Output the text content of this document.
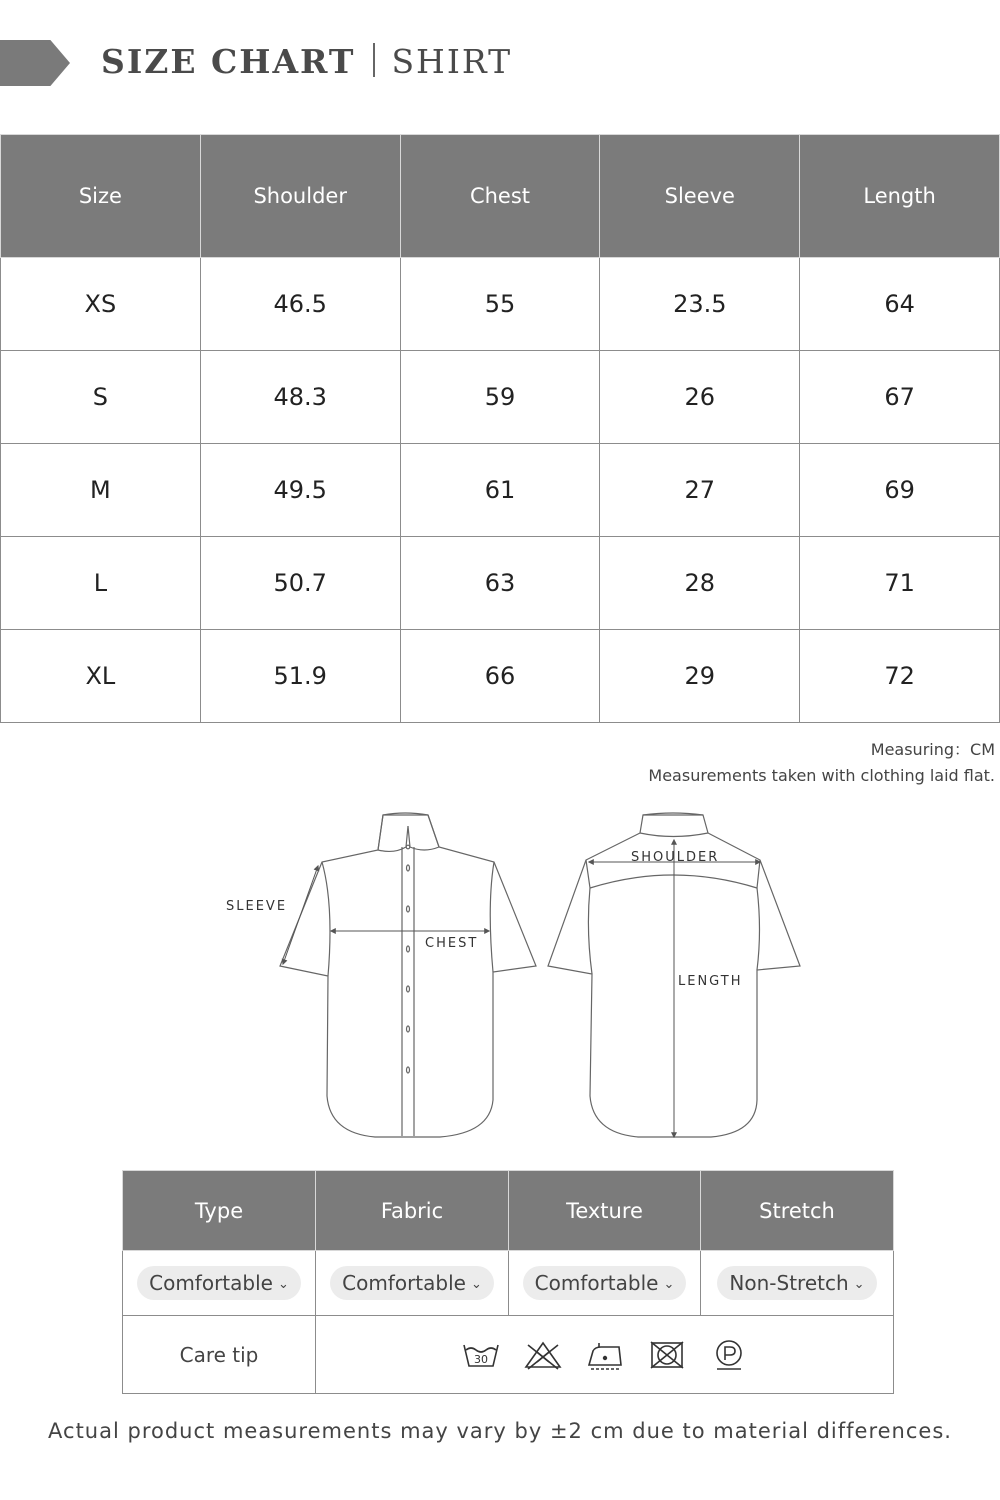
SIZE CHART SHIRT
Size	Shoulder	Chest	Sleeve	Length
XS	46.5	55	23.5	64
S	48.3	59	26	67
M	49.5	61	27	69
L	50.7	63	28	71
XL	51.9	66	29	72
Measuring：CM
Measurements taken with clothing laid flat.
SLEEVE
CHEST
SHOULDER
LENGTH
Type	Fabric	Texture	Stretch
Comfortable ⌄	Comfortable ⌄	Comfortable ⌄	Non-Stretch ⌄
Care tip	30		
Actual product measurements may vary by ±2 cm due to material differences.
